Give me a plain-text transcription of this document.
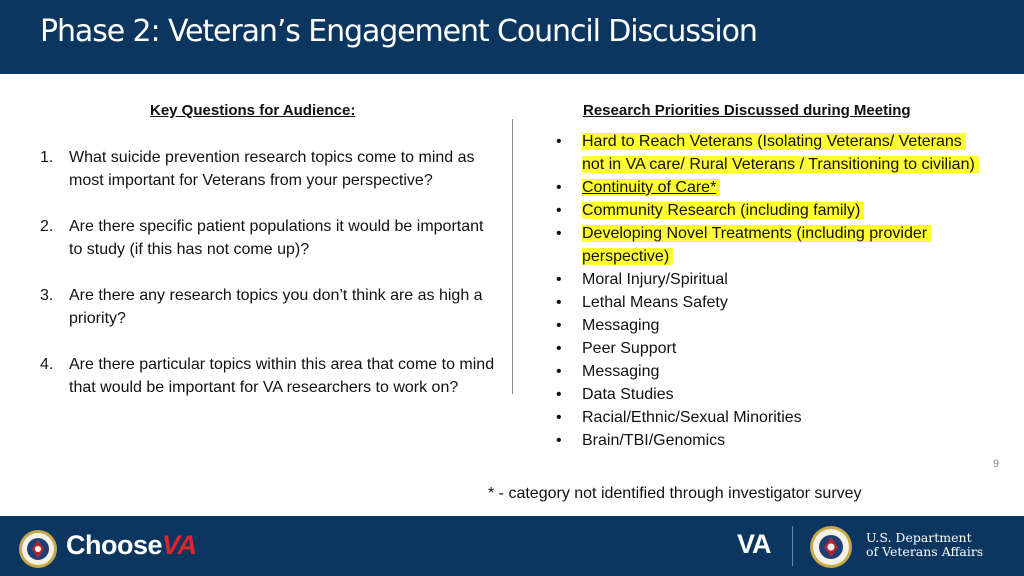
Phase 2: Veteran’s Engagement Council Discussion
Key Questions for Audience:	Research Priorities Discussed during Meeting
1. What suicide prevention research topics come to mind as most important for Veterans from your perspective?
2. Are there specific patient populations it would be important to study (if this has not come up)?
3. Are there any research topics you don’t think are as high a priority?
4. Are there particular topics within this area that come to mind that would be important for VA researchers to work on?
• Hard to Reach Veterans (Isolating Veterans/ Veterans not in VA care/ Rural Veterans / Transitioning to civilian)
• Continuity of Care*
• Community Research (including family)
• Developing Novel Treatments (including provider perspective)
• Moral Injury/Spiritual
• Lethal Means Safety
• Messaging
• Peer Support
• Messaging
• Data Studies
• Racial/Ethnic/Sexual Minorities
• Brain/TBI/Genomics
9
* - category not identified through investigator survey
ChooseVA	VA	U.S. Department
of Veterans Affairs
